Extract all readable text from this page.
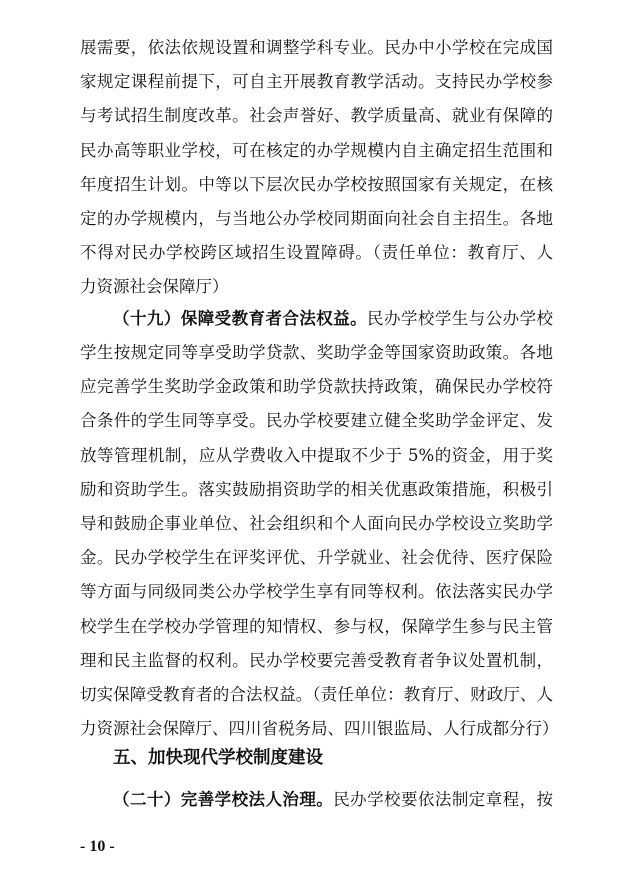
展需要，依法依规设置和调整学科专业。民办中小学校在完成国
家规定课程前提下，可自主开展教育教学活动。支持民办学校参
与考试招生制度改革。社会声誉好、教学质量高、就业有保障的
民办高等职业学校，可在核定的办学规模内自主确定招生范围和
年度招生计划。中等以下层次民办学校按照国家有关规定，在核
定的办学规模内，与当地公办学校同期面向社会自主招生。各地
不得对民办学校跨区域招生设置障碍。（责任单位：教育厅、人
力资源社会保障厅）
（十九）保障受教育者合法权益。民办学校学生与公办学校
学生按规定同等享受助学贷款、奖助学金等国家资助政策。各地
应完善学生奖助学金政策和助学贷款扶持政策，确保民办学校符
合条件的学生同等享受。民办学校要建立健全奖助学金评定、发
放等管理机制，应从学费收入中提取不少于 5%的资金，用于奖
励和资助学生。落实鼓励捐资助学的相关优惠政策措施，积极引
导和鼓励企事业单位、社会组织和个人面向民办学校设立奖助学
金。民办学校学生在评奖评优、升学就业、社会优待、医疗保险
等方面与同级同类公办学校学生享有同等权利。依法落实民办学
校学生在学校办学管理的知情权、参与权，保障学生参与民主管
理和民主监督的权利。民办学校要完善受教育者争议处置机制，
切实保障受教育者的合法权益。（责任单位：教育厅、财政厅、人
力资源社会保障厅、四川省税务局、四川银监局、人行成都分行）
五、加快现代学校制度建设
（二十）完善学校法人治理。民办学校要依法制定章程，按
- 10 -
